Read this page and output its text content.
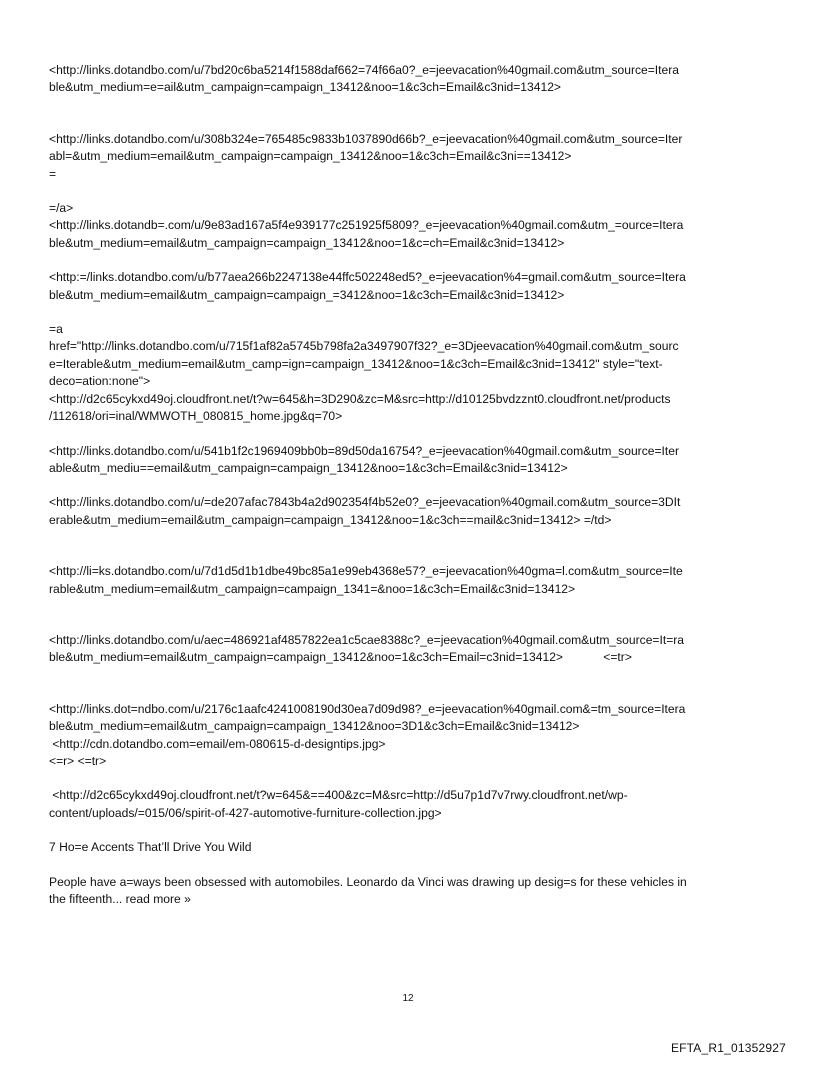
<http://links.dotandbo.com/u/7bd20c6ba5214f1588daf662=74f66a0?_e=jeevacation%40gmail.com&utm_source=Itera
ble&utm_medium=e=ail&utm_campaign=campaign_13412&noo=1&c3ch=Email&c3nid=13412>
<http://links.dotandbo.com/u/308b324e=765485c9833b1037890d66b?_e=jeevacation%40gmail.com&utm_source=Iter
abl=&utm_medium=email&utm_campaign=campaign_13412&noo=1&c3ch=Email&c3ni==13412>
=
=/a>
<http://links.dotandb=.com/u/9e83ad167a5f4e939177c251925f5809?_e=jeevacation%40gmail.com&utm_=ource=Itera
ble&utm_medium=email&utm_campaign=campaign_13412&noo=1&c=ch=Email&c3nid=13412>
<http:=/links.dotandbo.com/u/b77aea266b2247138e44ffc502248ed5?_e=jeevacation%4=gmail.com&utm_source=Itera
ble&utm_medium=email&utm_campaign=campaign_=3412&noo=1&c3ch=Email&c3nid=13412>
=a
href="http://links.dotandbo.com/u/715f1af82a5745b798fa2a3497907f32?_e=3Djeevacation%40gmail.com&utm_sourc
e=Iterable&utm_medium=email&utm_camp=ign=campaign_13412&noo=1&c3ch=Email&c3nid=13412" style="text-
deco=ation:none">
<http://d2c65cykxd49oj.cloudfront.net/t?w=645&h=3D290&zc=M&src=http://d10125bvdzznt0.cloudfront.net/products
/112618/ori=inal/WMWOTH_080815_home.jpg&q=70>
<http://links.dotandbo.com/u/541b1f2c1969409bb0b=89d50da16754?_e=jeevacation%40gmail.com&utm_source=Iter
able&utm_mediu==email&utm_campaign=campaign_13412&noo=1&c3ch=Email&c3nid=13412>
<http://links.dotandbo.com/u/=de207afac7843b4a2d902354f4b52e0?_e=jeevacation%40gmail.com&utm_source=3DIt
erable&utm_medium=email&utm_campaign=campaign_13412&noo=1&c3ch==mail&c3nid=13412> =/td>
<http://li=ks.dotandbo.com/u/7d1d5d1b1dbe49bc85a1e99eb4368e57?_e=jeevacation%40gma=l.com&utm_source=Ite
rable&utm_medium=email&utm_campaign=campaign_1341=&noo=1&c3ch=Email&c3nid=13412>
<http://links.dotandbo.com/u/aec=486921af4857822ea1c5cae8388c?_e=jeevacation%40gmail.com&utm_source=It=ra
ble&utm_medium=email&utm_campaign=campaign_13412&noo=1&c3ch=Email=c3nid=13412>            <=tr>
<http://links.dot=ndbo.com/u/2176c1aafc4241008190d30ea7d09d98?_e=jeevacation%40gmail.com&=tm_source=Itera
ble&utm_medium=email&utm_campaign=campaign_13412&noo=3D1&c3ch=Email&c3nid=13412>
<http://cdn.dotandbo.com=email/em-080615-d-designtips.jpg>
<=r> <=tr>
<http://d2c65cykxd49oj.cloudfront.net/t?w=645&==400&zc=M&src=http://d5u7p1d7v7rwy.cloudfront.net/wp-
content/uploads/=015/06/spirit-of-427-automotive-furniture-collection.jpg>
7 Ho=e Accents That’ll Drive You Wild
People have a=ways been obsessed with automobiles. Leonardo da Vinci was drawing up desig=s for these vehicles in
the fifteenth... read more »
12
EFTA_R1_01352927
